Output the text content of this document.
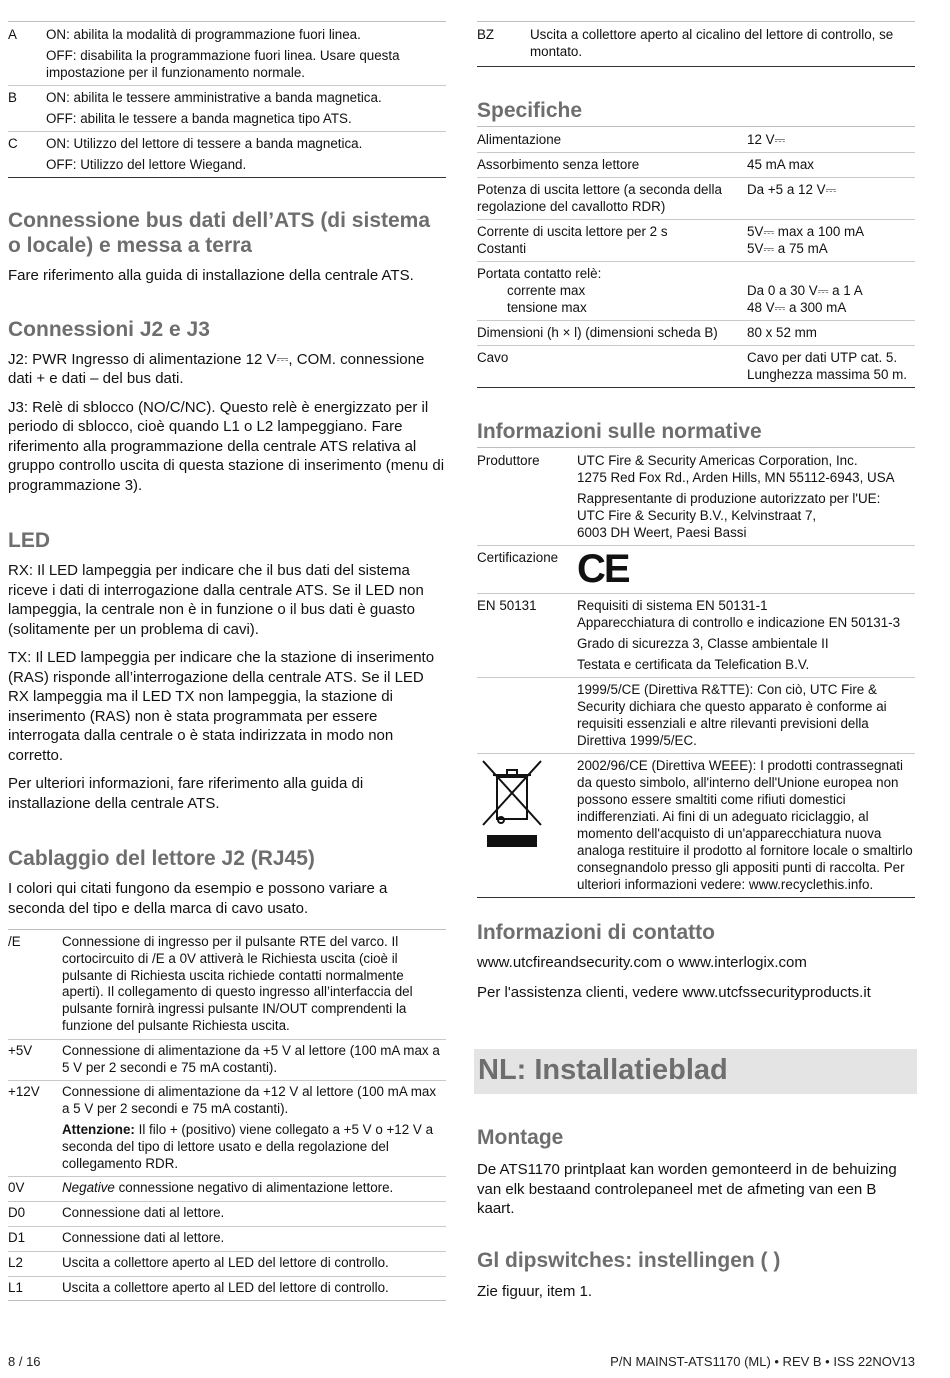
A	ON: abilita la modalità di programmazione fuori linea.
OFF: disabilita la programmazione fuori linea. Usare questa impostazione per il funzionamento normale.

B	ON: abilita le tessere amministrative a banda magnetica.
OFF: abilita le tessere a banda magnetica tipo ATS.

C	ON: Utilizzo del lettore di tessere a banda magnetica.
OFF: Utilizzo del lettore Wiegand.
Connessione bus dati dell’ATS (di sistema o locale) e messa a terra

Fare riferimento alla guida di installazione della centrale ATS.

Connessioni J2 e J3

J2: PWR Ingresso di alimentazione 12 V⎓, COM. connessione dati + e dati – del bus dati.

J3: Relè di sblocco (NO/C/NC). Questo relè è energizzato per il periodo di sblocco, cioè quando L1 o L2 lampeggiano. Fare riferimento alla programmazione della centrale ATS relativa al gruppo controllo uscita di questa stazione di inserimento (menu di programmazione 3).

LED

RX: Il LED lampeggia per indicare che il bus dati del sistema riceve i dati di interrogazione dalla centrale ATS. Se il LED non lampeggia, la centrale non è in funzione o il bus dati è guasto (solitamente per un problema di cavi).

TX: Il LED lampeggia per indicare che la stazione di inserimento (RAS) risponde all’interrogazione della centrale ATS. Se il LED RX lampeggia ma il LED TX non lampeggia, la stazione di inserimento (RAS) non è stata programmata per essere interrogata dalla centrale o è stata indirizzata in modo non corretto.

Per ulteriori informazioni, fare riferimento alla guida di installazione della centrale ATS.

Cablaggio del lettore J2 (RJ45)

I colori qui citati fungono da esempio e possono variare a seconda del tipo e della marca di cavo usato.

/E	Connessione di ingresso per il pulsante RTE del varco. Il cortocircuito di /E a 0V attiverà le Richiesta uscita (cioè il pulsante di Richiesta uscita richiede contatti normalmente aperti). Il collegamento di questo ingresso all’interfaccia del pulsante fornirà ingressi pulsante IN/OUT comprendenti la funzione del pulsante Richiesta uscita.
+5V	Connessione di alimentazione da +5 V al lettore (100 mA max a 5 V per 2 secondi e 75 mA costanti).
+12V	Connessione di alimentazione da +12 V al lettore (100 mA max a 5 V per 2 secondi e 75 mA costanti).
Attenzione: Il filo + (positivo) viene collegato a +5 V o +12 V a seconda del tipo di lettore usato e della regolazione del collegamento RDR.

0V	Negative connessione negativo di alimentazione lettore.
D0	Connessione dati al lettore.
D1	Connessione dati al lettore.
L2	Uscita a collettore aperto al LED del lettore di controllo.
L1	Uscita a collettore aperto al LED del lettore di controllo.
BZ	Uscita a collettore aperto al cicalino del lettore di controllo, se montato.
Specifiche
Alimentazione	12 V⎓
Assorbimento senza lettore	45 mA max
Potenza di uscita lettore (a seconda della regolazione del cavallotto RDR)	Da +5 a 12 V⎓
Corrente di uscita lettore per 2 s
Costanti	5V⎓ max a 100 mA
5V⎓ a 75 mA
Portata contatto relè:
corrente max
tensione max	Da 0 a 30 V⎓ a 1 A
48 V⎓ a 300 mA
Dimensioni (h × l) (dimensioni scheda B)	80 x 52 mm
Cavo	Cavo per dati UTP cat. 5.
Lunghezza massima 50 m.
Informazioni sulle normative
Produttore	UTC Fire & Security Americas Corporation, Inc.
1275 Red Fox Rd., Arden Hills, MN 55112-6943, USA
Rappresentante di produzione autorizzato per l'UE:
UTC Fire & Security B.V., Kelvinstraat 7,
6003 DH Weert, Paesi Bassi

Certificazione	CE
EN 50131	Requisiti di sistema EN 50131-1
Apparecchiatura di controllo e indicazione EN 50131-3
Grado di sicurezza 3, Classe ambientale II
Testata e certificata da Telefication B.V.

	1999/5/CE (Direttiva R&TTE): Con ciò, UTC Fire & Security dichiara che questo apparato è conforme ai requisiti essenziali e altre rilevanti previsioni della Direttiva 1999/5/EC.
	2002/96/CE (Direttiva WEEE): I prodotti contrassegnati da questo simbolo, all'interno dell'Unione europea non possono essere smaltiti come rifiuti domestici indifferenziati. Ai fini di un adeguato riciclaggio, al momento dell'acquisto di un'apparecchiatura nuova analoga restituire il prodotto al fornitore locale o smaltirlo consegnandolo presso gli appositi punti di raccolta. Per ulteriori informazioni vedere: www.recyclethis.info.
Informazioni di contatto

www.utcfireandsecurity.com o www.interlogix.com

Per l'assistenza clienti, vedere www.utcfssecurityproducts.it

NL: Installatieblad
Montage

De ATS1170 printplaat kan worden gemonteerd in de behuizing van elk bestaand controlepaneel met de afmeting van een B kaart.

Gl dipswitches: instellingen ( )

Zie figuur, item 1.

8 / 16	P/N MAINST-ATS1170 (ML) • REV B • ISS 22NOV13
